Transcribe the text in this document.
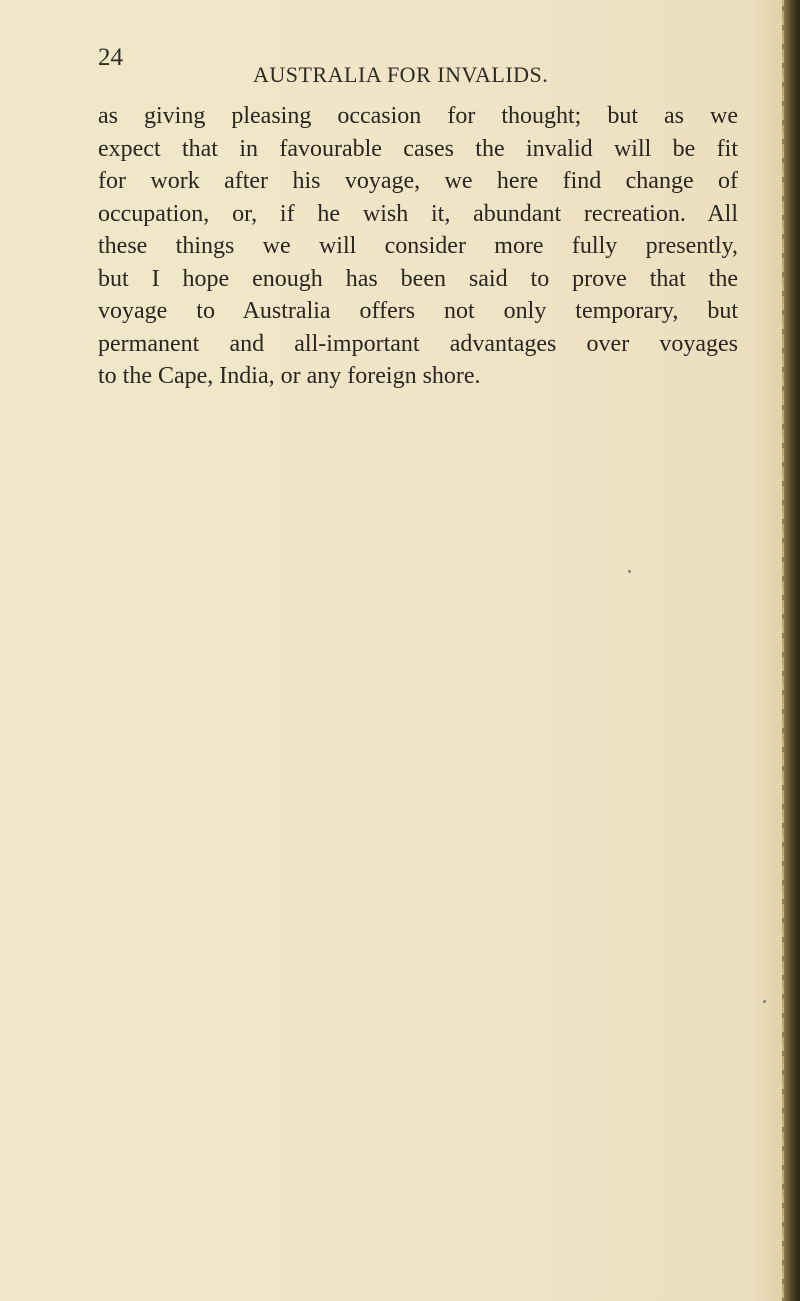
24
AUSTRALIA FOR INVALIDS.
as giving pleasing occasion for thought; but as we
expect that in favourable cases the invalid will be fit
for work after his voyage, we here find change of
occupation, or, if he wish it, abundant recreation. All
these things we will consider more fully presently,
but I hope enough has been said to prove that the
voyage to Australia offers not only temporary, but
permanent and all-important advantages over voyages
to the Cape, India, or any foreign shore.
